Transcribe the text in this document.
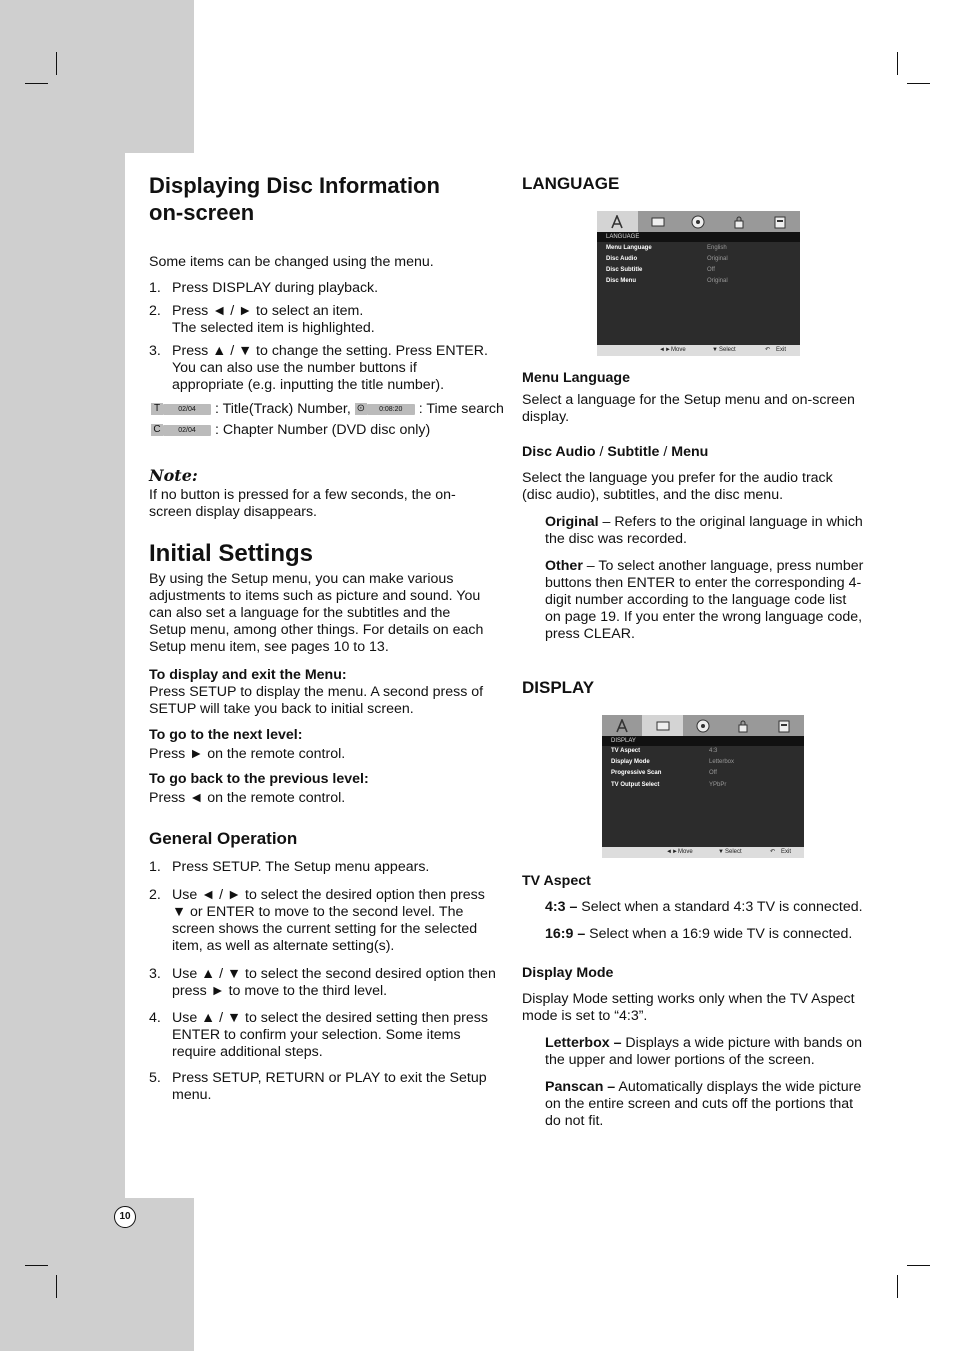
10
Displaying Disc Information
on-screen
Some items can be changed using the menu.
1. Press DISPLAY during playback.
2. Press ◄ / ► to select an item.
The selected item is highlighted.
3. Press ▲ / ▼ to change the setting. Press ENTER.
You can also use the number buttons if
appropriate (e.g. inputting the title number).
T	02/04 : Title(Track) Number, ⊙ 0:08:20 : Time search
C	02/04 : Chapter Number (DVD disc only)
Note:
If no button is pressed for a few seconds, the on-
screen display disappears.
Initial Settings
By using the Setup menu, you can make various
adjustments to items such as picture and sound. You
can also set a language for the subtitles and the
Setup menu, among other things. For details on each
Setup menu item, see pages 10 to 13.
To display and exit the Menu:
Press SETUP to display the menu. A second press of
SETUP will take you back to initial screen.
To go to the next level:
Press ► on the remote control.
To go back to the previous level:
Press ◄ on the remote control.
General Operation
1. Press SETUP. The Setup menu appears.
2. Use ◄ / ► to select the desired option then press
▼ or ENTER to move to the second level. The
screen shows the current setting for the selected
item, as well as alternate setting(s).
3. Use ▲ / ▼ to select the second desired option then
press ► to move to the third level.
4. Use ▲ / ▼ to select the desired setting then press
ENTER to confirm your selection. Some items
require additional steps.
5. Press SETUP, RETURN or PLAY to exit the Setup
menu.
LANGUAGE
LANGUAGE
Menu Language	English
Disc Audio	Original
Disc Subtitle	Off
Disc Menu	Original
◄► Move	▼ Select	↶ Exit
Menu Language
Select a language for the Setup menu and on-screen
display.
Disc Audio / Subtitle / Menu
Select the language you prefer for the audio track
(disc audio), subtitles, and the disc menu.
Original – Refers to the original language in which
the disc was recorded.
Other – To select another language, press number
buttons then ENTER to enter the corresponding 4-
digit number according to the language code list
on page 19. If you enter the wrong language code,
press CLEAR.
DISPLAY
DISPLAY
TV Aspect	4:3
Display Mode	Letterbox
Progressive Scan	Off
TV Output Select	YPbPr
◄► Move	▼ Select	↶ Exit
TV Aspect
4:3 – Select when a standard 4:3 TV is connected.
16:9 – Select when a 16:9 wide TV is connected.
Display Mode
Display Mode setting works only when the TV Aspect
mode is set to “4:3”.
Letterbox – Displays a wide picture with bands on
the upper and lower portions of the screen.
Panscan – Automatically displays the wide picture
on the entire screen and cuts off the portions that
do not fit.
